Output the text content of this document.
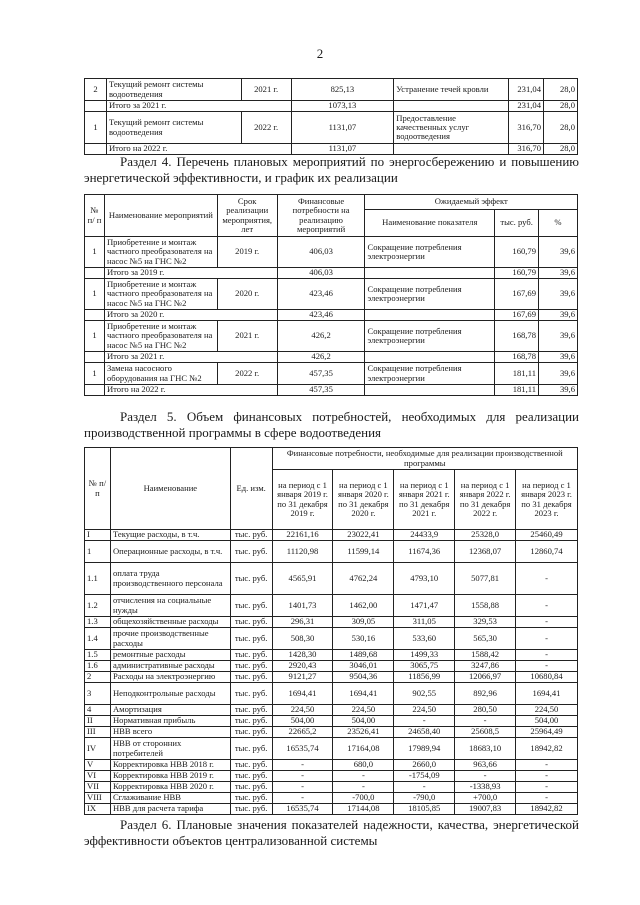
2
2	Текущий ремонт системы водоотведения	2021 г.	825,13	Устранение течей кровли	231,04	28,0
	Итого за 2021 г.		1073,13		231,04	28,0
1	Текущий ремонт системы водоотведения	2022 г.	1131,07	Предоставление качественных услуг водоотведения	316,70	28,0
	Итого на 2022 г.		1131,07		316,70	28,0
Раздел 4. Перечень плановых мероприятий по энергосбережению и повышению энергетической эффективности, и график их реализации
№ п/ п	Наименование мероприятий	Срок реализации мероприятия, лет	Финансовые потребности на реализацию мероприятий	Ожидаемый эффект		
				Наименование показателя	тыс. руб.	%
1	Приобретение и монтаж частного преобразователя на насос №5 на ГНС №2	2019 г.	406,03	Сокращение потребления электроэнергии	160,79	39,6
	Итого за 2019 г.		406,03		160,79	39,6
1	Приобретение и монтаж частного преобразователя на насос №5 на ГНС №2	2020 г.	423,46	Сокращение потребления электроэнергии	167,69	39,6
	Итого за 2020 г.		423,46		167,69	39,6
1	Приобретение и монтаж частного преобразователя на насос №5 на ГНС №2	2021 г.	426,2	Сокращение потребления электроэнергии	168,78	39,6
	Итого за 2021 г.		426,2		168,78	39,6
1	Замена насосного оборудования на ГНС №2	2022 г.	457,35	Сокращение потребления электроэнергии	181,11	39,6
	Итого на 2022 г.		457,35		181,11	39,6
Раздел 5. Объем финансовых потребностей, необходимых для реализации производственной программы в сфере водоотведения
№ п/п	Наименование	Ед. изм.	Финансовые потребности, необходимые для реализации производственной программы				
			на период с 1 января 2019 г. по 31 декабря 2019 г.	на период с 1 января 2020 г. по 31 декабря 2020 г.	на период с 1 января 2021 г. по 31 декабря 2021 г.	на период с 1 января 2022 г. по 31 декабря 2022 г.	на период с 1 января 2023 г. по 31 декабря 2023 г.
I	Текущие расходы, в т.ч.	тыс. руб.	22161,16	23022,41	24433,9	25328,0	25460,49
1	Операционные расходы, в т.ч.	тыс. руб.	11120,98	11599,14	11674,36	12368,07	12860,74
1.1	оплата труда производственного персонала	тыс. руб.	4565,91	4762,24	4793,10	5077,81	-
1.2	отчисления на социальные нужды	тыс. руб.	1401,73	1462,00	1471,47	1558,88	-
1.3	общехозяйственные расходы	тыс. руб.	296,31	309,05	311,05	329,53	-
1.4	прочие производственные расходы	тыс. руб.	508,30	530,16	533,60	565,30	-
1.5	ремонтные расходы	тыс. руб.	1428,30	1489,68	1499,33	1588,42	-
1.6	административные расходы	тыс. руб.	2920,43	3046,01	3065,75	3247,86	-
2	Расходы на электроэнергию	тыс. руб.	9121,27	9504,36	11856,99	12066,97	10680,84
3	Неподконтрольные расходы	тыс. руб.	1694,41	1694,41	902,55	892,96	1694,41
4	Амортизация	тыс. руб.	224,50	224,50	224,50	280,50	224,50
II	Нормативная прибыль	тыс. руб.	504,00	504,00	-	-	504,00
III	НВВ всего	тыс. руб.	22665,2	23526,41	24658,40	25608,5	25964,49
IV	НВВ от сторонних потребителей	тыс. руб.	16535,74	17164,08	17989,94	18683,10	18942,82
V	Корректировка НВВ 2018 г.	тыс. руб.	-	680,0	2660,0	963,66	-
VI	Корректировка НВВ 2019 г.	тыс. руб.	-	-	-1754,09	-	-
VII	Корректировка НВВ 2020 г.	тыс. руб.	-	-	-	-1338,93	-
VIII	Сглаживание НВВ	тыс. руб.	-	-700,0	-790,0	+700,0	-
IX	НВВ для расчета тарифа	тыс. руб.	16535,74	17144,08	18105,85	19007,83	18942,82
Раздел 6. Плановые значения показателей надежности, качества, энергетической эффективности объектов централизованной системы
